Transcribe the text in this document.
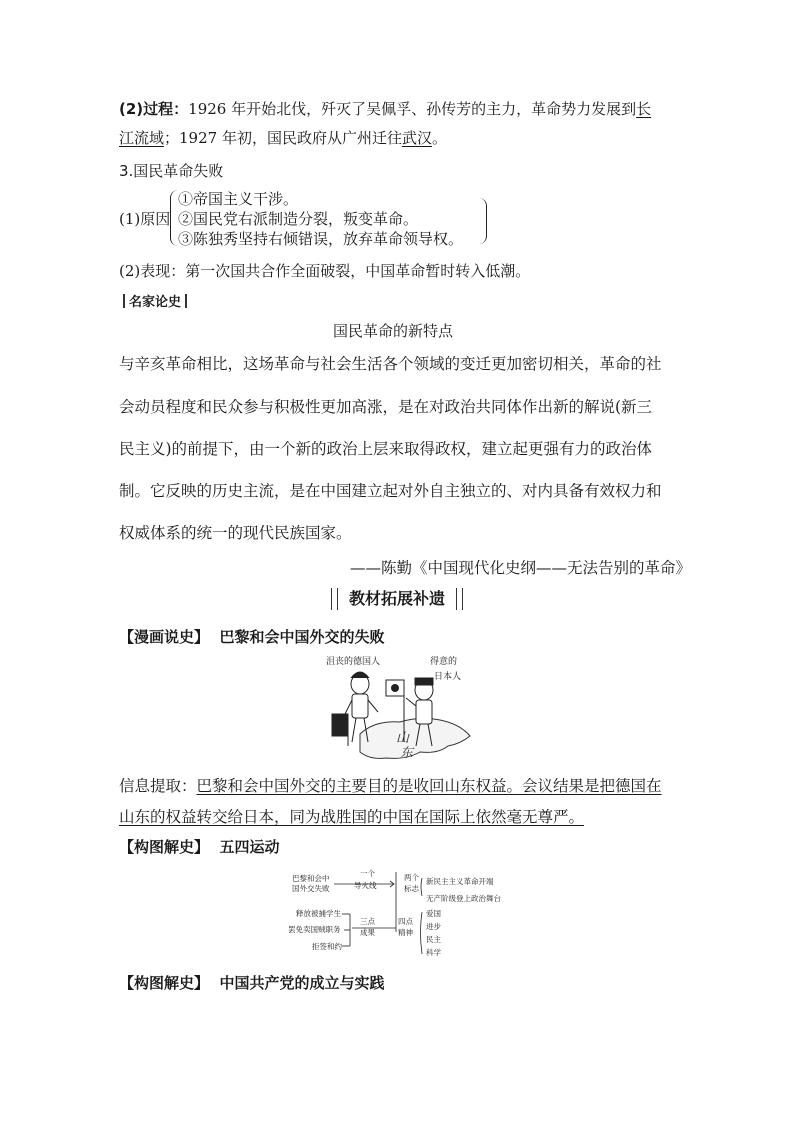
(2)过程：1926 年开始北伐，歼灭了吴佩孚、孙传芳的主力，革命势力发展到长
江流域；1927 年初，国民政府从广州迁往武汉。
3.国民革命失败
(1)原因
①帝国主义干涉。
②国民党右派制造分裂，叛变革命。
③陈独秀坚持右倾错误，放弃革命领导权。
(2)表现：第一次国共合作全面破裂，中国革命暂时转入低潮。
名家论史
国民革命的新特点
与辛亥革命相比，这场革命与社会生活各个领域的变迁更加密切相关，革命的社
会动员程度和民众参与积极性更加高涨，是在对政治共同体作出新的解说(新三
民主义)的前提下，由一个新的政治上层来取得政权，建立起更强有力的政治体
制。它反映的历史主流，是在中国建立起对外自主独立的、对内具备有效权力和
权威体系的统一的现代民族国家。
——陈勤《中国现代化史纲——无法告别的革命》
教材拓展补遗
【漫画说史】  巴黎和会中国外交的失败
沮丧的德国人	得意的
日本人
山
东
信息提取：巴黎和会中国外交的主要目的是收回山东权益。会议结果是把德国在
山东的权益转交给日本，同为战胜国的中国在国际上依然毫无尊严。
【构图解史】  五四运动
巴黎和会中
国外交失败
一个
导火线
两个
标志
新民主主义革命开端
无产阶级登上政治舞台
释放被捕学生
罢免卖国贼职务
拒签和约
三点
成果
四点
精神
爱国
进步
民主
科学
【构图解史】  中国共产党的成立与实践
